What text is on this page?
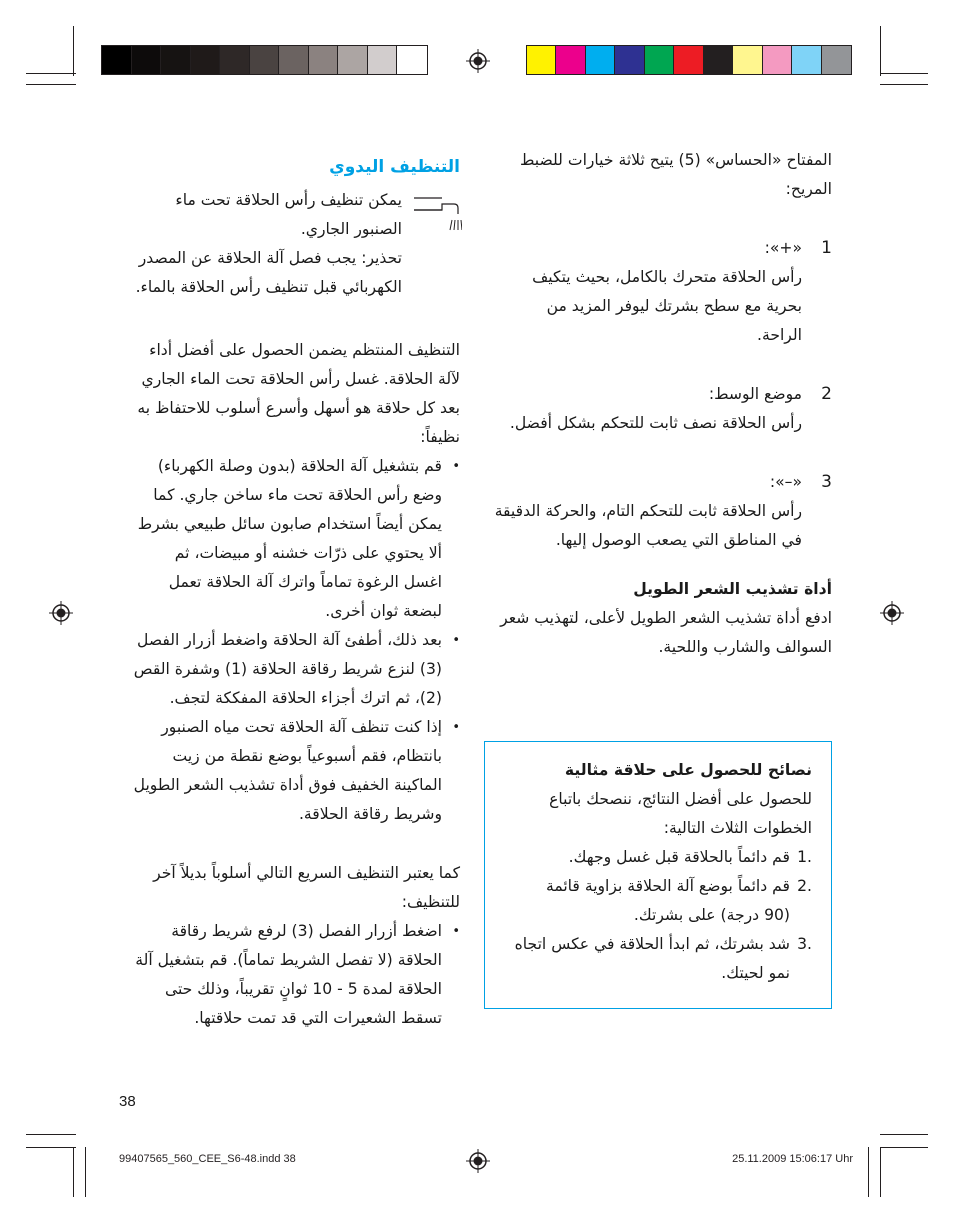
التنظيف اليدوي

يمكن تنظيف رأس الحلاقة تحت ماء

الصنبور الجاري.

تحذير: يجب فصل آلة الحلاقة عن المصدر

الكهربائي قبل تنظيف رأس الحلاقة بالماء.

التنظيف المنتظم يضمن الحصول على أفضل أداء

لآلة الحلاقة. غسل رأس الحلاقة تحت الماء الجاري

بعد كل حلاقة هو أسهل وأسرع أسلوب للاحتفاظ به

نظيفاً:

•

قم بتشغيل آلة الحلاقة (بدون وصلة الكهرباء)

وضع رأس الحلاقة تحت ماء ساخن جاري. كما

يمكن أيضاً استخدام صابون سائل طبيعي بشرط

ألا يحتوي على ذرّات خشنه أو مبيضات، ثم

اغسل الرغوة تماماً واترك آلة الحلاقة تعمل

لبضعة ثوان أخرى.

•

بعد ذلك، أطفئ آلة الحلاقة واضغط أزرار الفصل

(3) لنزع شريط رقاقة الحلاقة (1) وشفرة القص

(2)، ثم اترك أجزاء الحلاقة المفككة لتجف.

•

إذا كنت تنظف آلة الحلاقة تحت مياه الصنبور

بانتظام، فقم أسبوعياً بوضع نقطة من زيت

الماكينة الخفيف فوق أداة تشذيب الشعر الطويل

وشريط رقاقة الحلاقة.

كما يعتبر التنظيف السريع التالي أسلوباً بديلاً آخر

للتنظيف:

•

اضغط أزرار الفصل (3) لرفع شريط رقاقة

الحلاقة (لا تفصل الشريط تماماً). قم بتشغيل آلة

الحلاقة لمدة 5 - 10 ثوانٍ تقريباً، وذلك حتى

تسقط الشعيرات التي قد تمت حلاقتها.

المفتاح «الحساس» (5) يتيح ثلاثة خيارات للضبط

المريح:

1

«+»:

رأس الحلاقة متحرك بالكامل، بحيث يتكيف

بحرية مع سطح بشرتك ليوفر المزيد من

الراحة.

2

موضع الوسط:

رأس الحلاقة نصف ثابت للتحكم بشكل أفضل.

3

«–»:

رأس الحلاقة ثابت للتحكم التام، والحركة الدقيقة

في المناطق التي يصعب الوصول إليها.

أداة تشذيب الشعر الطويل

ادفع أداة تشذيب الشعر الطويل لأعلى، لتهذيب شعر

السوالف والشارب واللحية.

نصائح للحصول على حلاقة مثالية

للحصول على أفضل النتائج، ننصحك باتباع

الخطوات الثلاث التالية:

.1

قم دائماً بالحلاقة قبل غسل وجهك.

.2

قم دائماً بوضع آلة الحلاقة بزاوية قائمة

(90 درجة) على بشرتك.

.3

شد بشرتك، ثم ابدأ الحلاقة في عكس اتجاه

نمو لحيتك.

38
99407565_560_CEE_S6-48.indd 38	25.11.2009 15:06:17 Uhr
